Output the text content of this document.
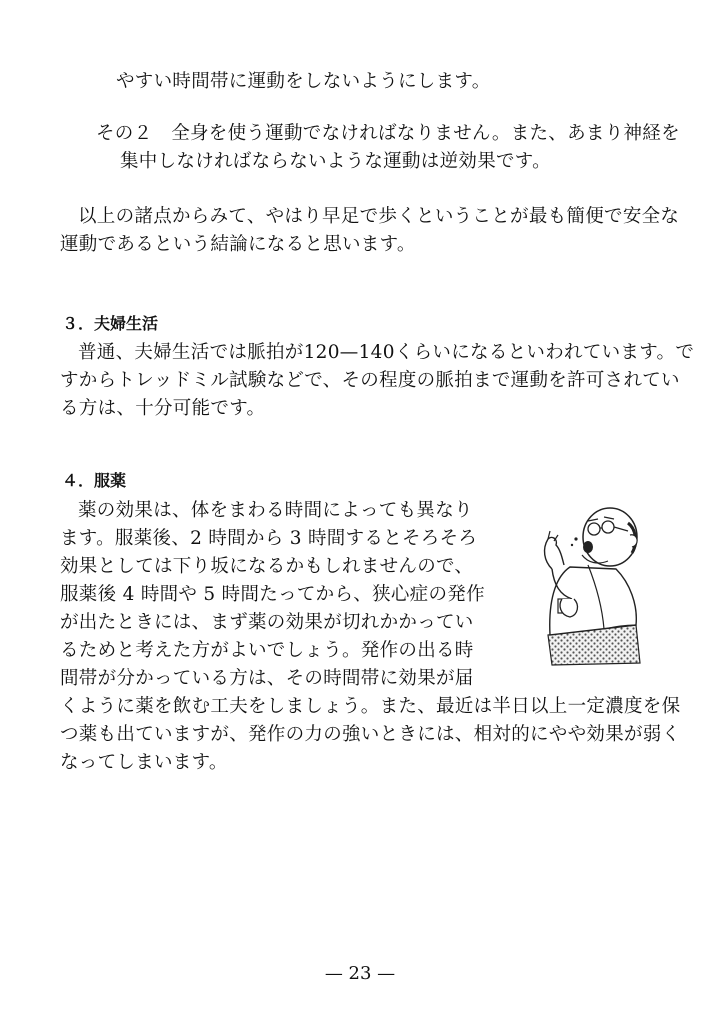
やすい時間帯に運動をしないようにします。
その２　全身を使う運動でなければなりません。また、あまり神経を
集中しなければならないような運動は逆効果です。
以上の諸点からみて、やはり早足で歩くということが最も簡便で安全な
運動であるという結論になると思います。
３．夫婦生活
普通、夫婦生活では脈拍が120—140くらいになるといわれています。で
すからトレッドミル試験などで、その程度の脈拍まで運動を許可されてい
る方は、十分可能です。
４．服薬
薬の効果は、体をまわる時間によっても異なり
ます。服薬後、2 時間から 3 時間するとそろそろ
効果としては下り坂になるかもしれませんので、
服薬後 4 時間や 5 時間たってから、狭心症の発作
が出たときには、まず薬の効果が切れかかってい
るためと考えた方がよいでしょう。発作の出る時
間帯が分かっている方は、その時間帯に効果が届
くように薬を飲む工夫をしましょう。また、最近は半日以上一定濃度を保
つ薬も出ていますが、発作の力の強いときには、相対的にやや効果が弱く
なってしまいます。
— 23 —
